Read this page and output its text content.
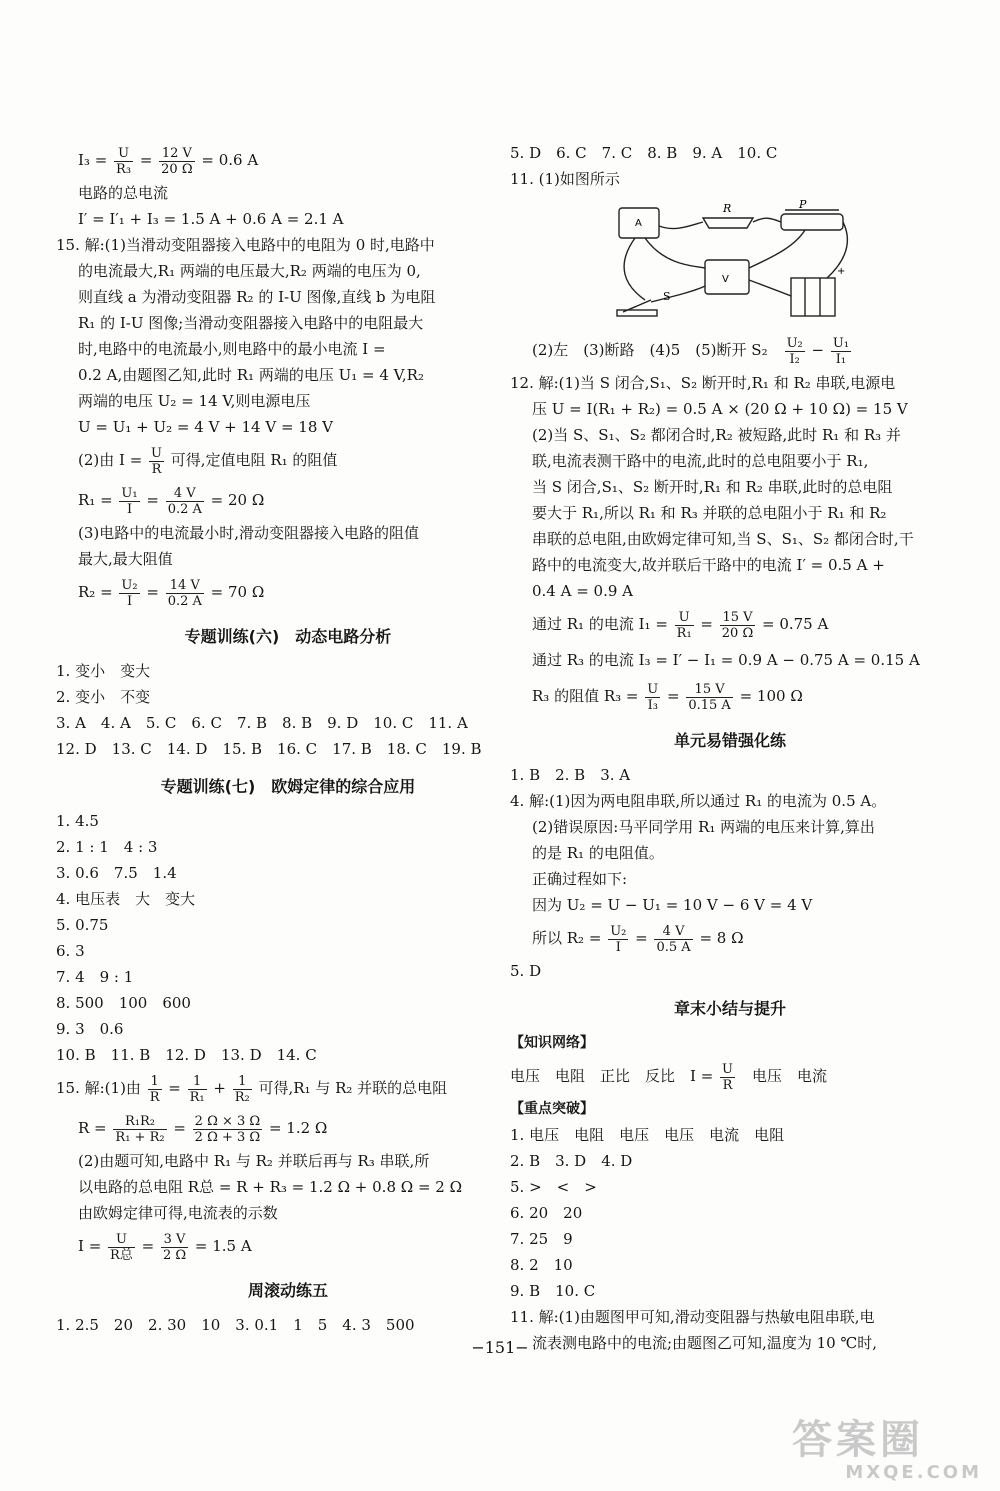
$I_3 = \frac{U}{\text{R₃}} = \frac{12 V}{20 \Omega} = 0.6$ A
电路的总电流
I′ = I′₁ + I₃ = 1.5 A + 0.6 A = 2.1 A
15. 解:(1)当滑动变阻器接入电路中的电阻为 0 时,电路中
的电流最大,R₁ 两端的电压最大,R₂ 两端的电压为 0,
则直线 a 为滑动变阻器 R₂ 的 I-U 图像,直线 b 为电阻
R₁ 的 I-U 图像;当滑动变阻器接入电路中的电阻最大
时,电路中的电流最小,则电路中的最小电流 I =
0.2 A,由题图乙知,此时 R₁ 两端的电压 U₁ = 4 V,R₂
两端的电压 U₂ = 14 V,则电源电压
U = U₁ + U₂ = 4 V + 14 V = 18 V
(2)由 $I = \frac{U}{R}$ 可得,定值电阻 R₁ 的阻值
$R_1 = \frac{\text{U₁}}{I} = \frac{4 V}{0.2 A} = 20$ Ω
(3)电路中的电流最小时,滑动变阻器接入电路的阻值
最大,最大阻值
$R_2 = \frac{\text{U₂}}{I} = \frac{14 V}{0.2 A} = 70$ Ω
专题训练(六)　动态电路分析
1. 变小　变大
2. 变小　不变
3. A　4. A　5. C　6. C　7. B　8. B　9. D　10. C　11. A
12. D　13. C　14. D　15. B　16. C　17. B　18. C　19. B
专题训练(七)　欧姆定律的综合应用
1. 4.5
2. 1 : 1　4 : 3
3. 0.6　7.5　1.4
4. 电压表　大　变大
5. 0.75
6. 3
7. 4　9 : 1
8. 500　100　600
9. 3　0.6
10. B　11. B　12. D　13. D　14. C
15. 解:(1)由 $\frac{1}{R} = \frac{1}{\text{R₁}} + \frac{1}{\text{R₂}}$ 可得,R₁ 与 R₂ 并联的总电阻
$R = \frac{\text{R₁R₂}}{\text{R₁ + R₂}} = \frac{2 \Omega \times 3 \Omega}{2 \Omega + 3 \Omega} = 1.2$ Ω
(2)由题可知,电路中 R₁ 与 R₂ 并联后再与 R₃ 串联,所
以电路的总电阻 R总 = R + R₃ = 1.2 Ω + 0.8 Ω = 2 Ω
由欧姆定律可得,电流表的示数
$I = \frac{U}{\text{R总}} = \frac{3 V}{2 \Omega} = 1.5$ A
周滚动练五
1. 2.5　20　2. 30　10　3. 0.1　1　5　4. 3　500
5. D　6. C　7. C　8. B　9. A　10. C
11. (1)如图所示
A
R	P
V
S
+
(2)左　(3)断路　(4)5　(5)断开 S₂　 $\frac{\text{U₂}}{\text{I₂}} - \frac{\text{U₁}}{\text{I₁}}$
12. 解:(1)当 S 闭合,S₁、S₂ 断开时,R₁ 和 R₂ 串联,电源电
压 U = I(R₁ + R₂) = 0.5 A × (20 Ω + 10 Ω) = 15 V
(2)当 S、S₁、S₂ 都闭合时,R₂ 被短路,此时 R₁ 和 R₃ 并
联,电流表测干路中的电流,此时的总电阻要小于 R₁,
当 S 闭合,S₁、S₂ 断开时,R₁ 和 R₂ 串联,此时的总电阻
要大于 R₁,所以 R₁ 和 R₃ 并联的总电阻小于 R₁ 和 R₂
串联的总电阻,由欧姆定律可知,当 S、S₁、S₂ 都闭合时,干
路中的电流变大,故并联后干路中的电流 I′ = 0.5 A +
0.4 A = 0.9 A
通过 R₁ 的电流 $I_1 = \frac{U}{\text{R₁}} = \frac{15 V}{20 \Omega} = 0.75$ A
通过 R₃ 的电流 I₃ = I′ − I₁ = 0.9 A − 0.75 A = 0.15 A
R₃ 的阻值 $R_3 = \frac{U}{\text{I₃}} = \frac{15 V}{0.15 A} = 100$ Ω
单元易错强化练
1. B　2. B　3. A
4. 解:(1)因为两电阻串联,所以通过 R₁ 的电流为 0.5 A。
(2)错误原因:马平同学用 R₁ 两端的电压来计算,算出
的是 R₁ 的电阻值。
正确过程如下:
因为 U₂ = U − U₁ = 10 V − 6 V = 4 V
所以 $R_2 = \frac{\text{U₂}}{I} = \frac{4 V}{0.5 A} = 8$ Ω
5. D
章末小结与提升
【知识网络】
电压　电阻　正比　反比　$I = \frac{U}{R}$ 　电压　电流
【重点突破】
1. 电压　电阻　电压　电压　电流　电阻
2. B　3. D　4. D
5. >　<　>
6. 20　20
7. 25　9
8. 2　10
9. B　10. C
11. 解:(1)由题图甲可知,滑动变阻器与热敏电阻串联,电
流表测电路中的电流;由题图乙可知,温度为 10 ℃时,
−151−
答案圈
MXQE.COM
